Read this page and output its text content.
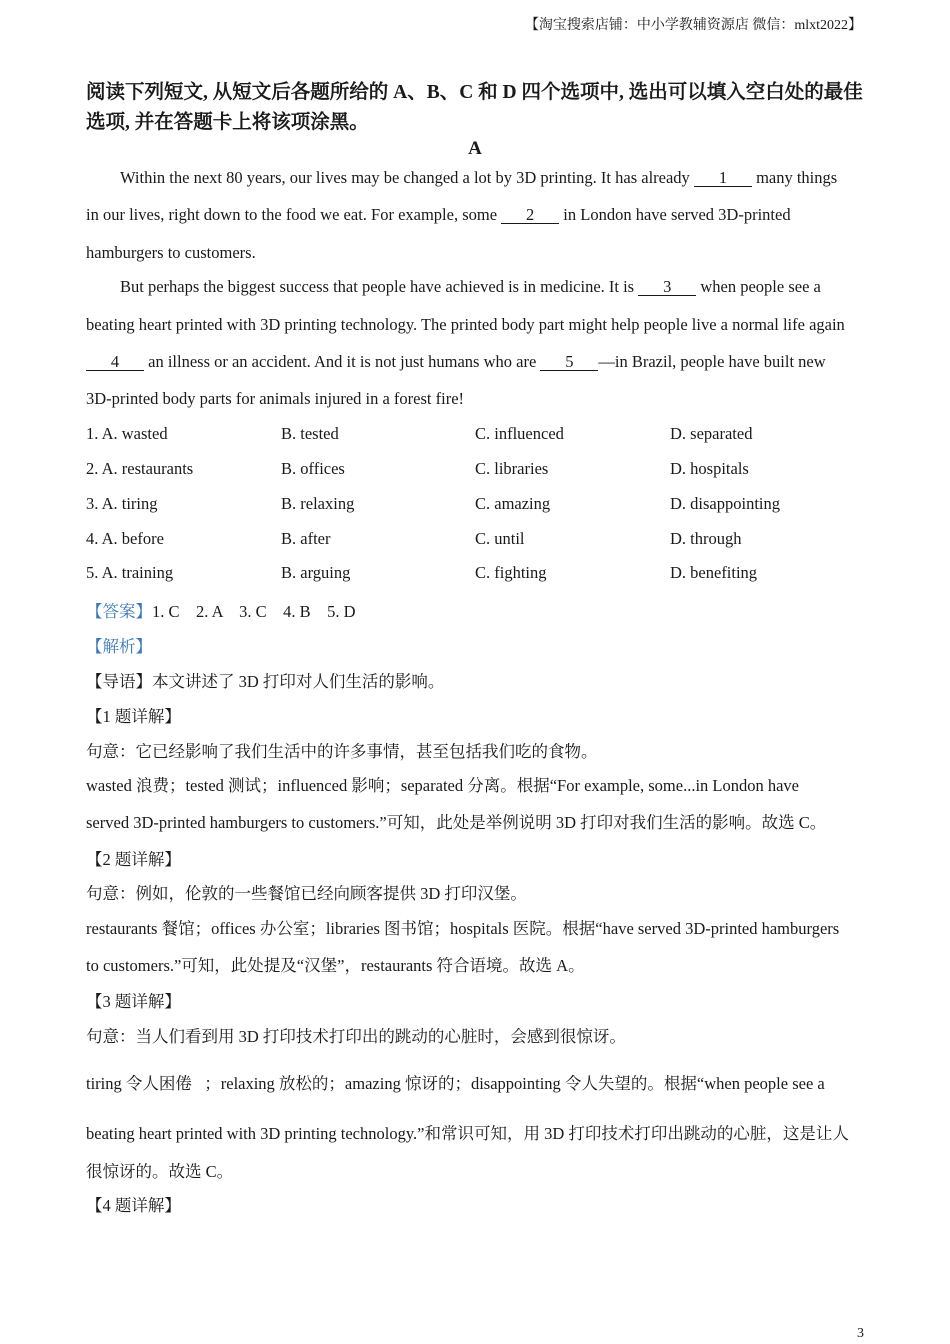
【淘宝搜索店铺：中小学教辅资源店 微信：mlxt2022】
阅读下列短文, 从短文后各题所给的 A、B、C 和 D 四个选项中, 选出可以填入空白处的最佳选项, 并在答题卡上将该项涂黑。
A
Within the next 80 years, our lives may be changed a lot by 3D printing. It has already 1 many things
in our lives, right down to the food we eat. For example, some 2 in London have served 3D-printed
hamburgers to customers.
But perhaps the biggest success that people have achieved is in medicine. It is 3 when people see a
beating heart printed with 3D printing technology. The printed body part might help people live a normal life again
4 an illness or an accident. And it is not just humans who are 5 —in Brazil, people have built new
3D-printed body parts for animals injured in a forest fire!
1. A. wasted	B. tested	C. influenced	D. separated
2. A. restaurants	B. offices	C. libraries	D. hospitals
3. A. tiring	B. relaxing	C. amazing	D. disappointing
4. A. before	B. after	C. until	D. through
5. A. training	B. arguing	C. fighting	D. benefiting
【答案】1. C    2. A    3. C    4. B    5. D
【解析】
【导语】本文讲述了 3D 打印对人们生活的影响。
【1 题详解】
句意：它已经影响了我们生活中的许多事情，甚至包括我们吃的食物。
wasted 浪费；tested 测试；influenced 影响；separated 分离。根据“For example, some...in London have
served 3D-printed hamburgers to customers.”可知，此处是举例说明 3D 打印对我们生活的影响。故选 C。
【2 题详解】
句意：例如，伦敦的一些餐馆已经向顾客提供 3D 打印汉堡。
restaurants 餐馆；offices 办公室；libraries 图书馆；hospitals 医院。根据“have served 3D-printed hamburgers
to customers.”可知，此处提及“汉堡”，restaurants 符合语境。故选 A。
【3 题详解】
句意：当人们看到用 3D 打印技术打印出的跳动的心脏时，会感到很惊讶。
tiring 令人困倦   ；relaxing 放松的；amazing 惊讶的；disappointing 令人失望的。根据“when people see a
beating heart printed with 3D printing technology.”和常识可知，用 3D 打印技术打印出跳动的心脏，这是让人
很惊讶的。故选 C。
【4 题详解】
3
